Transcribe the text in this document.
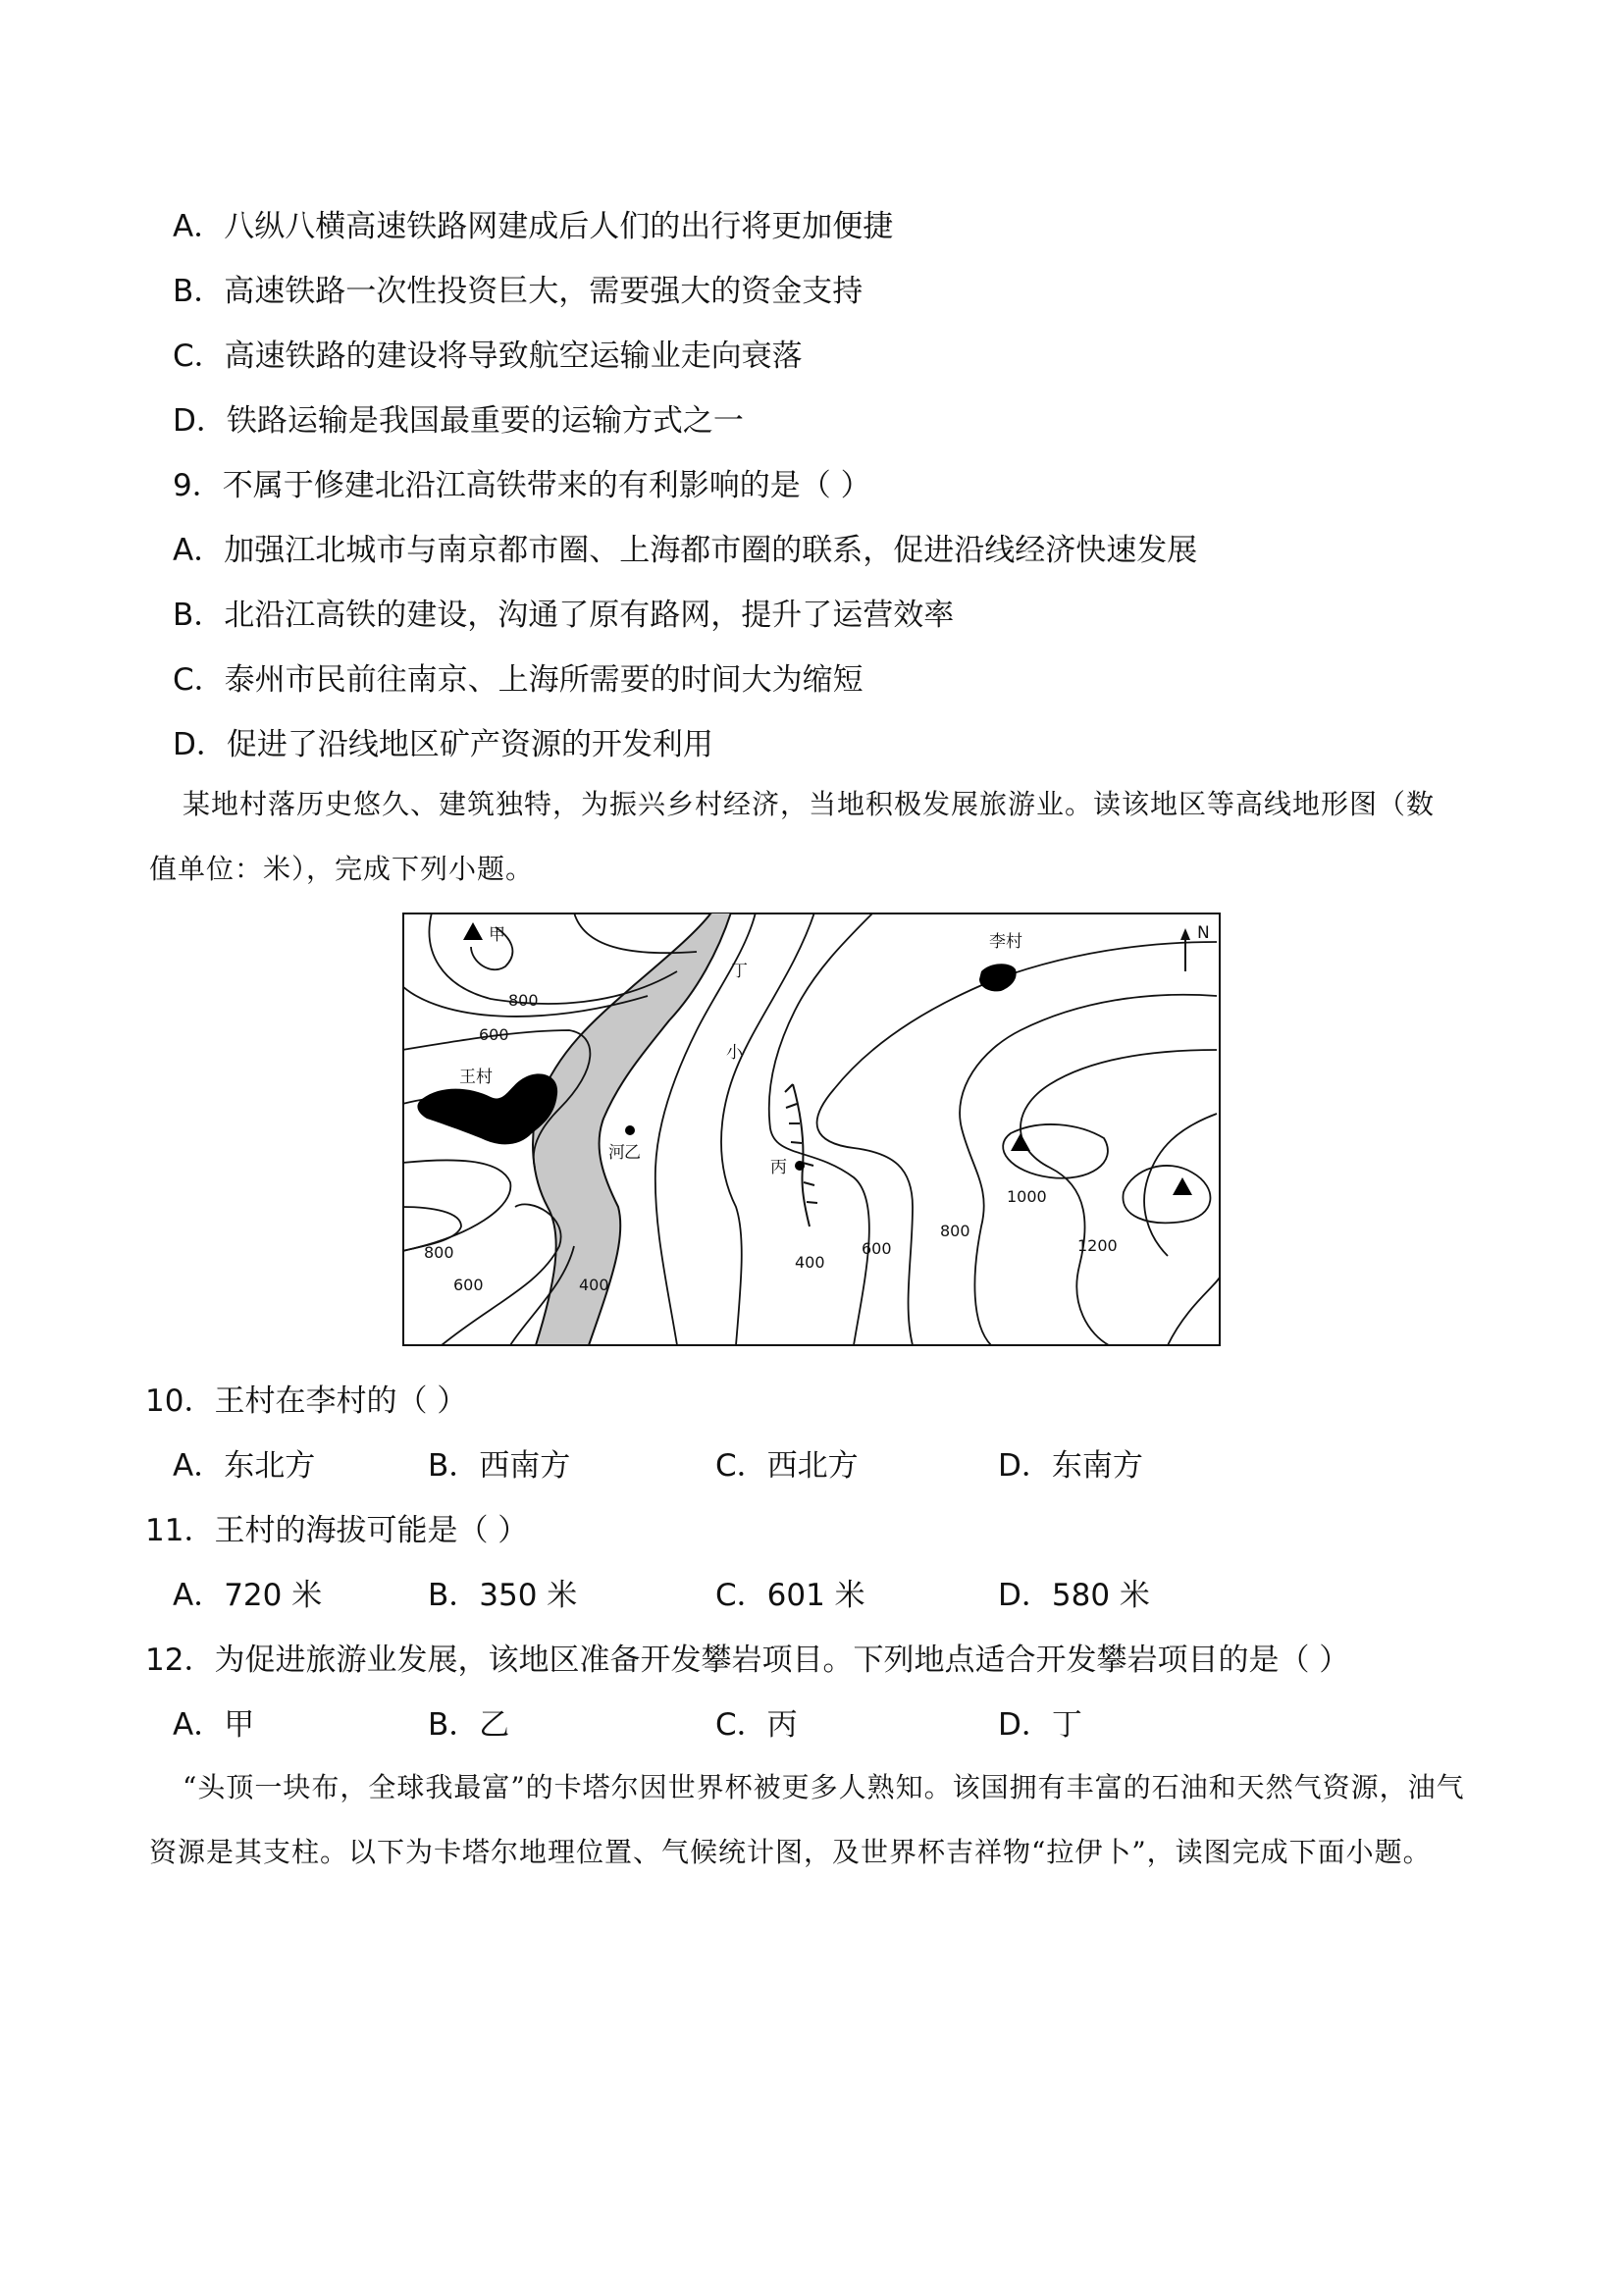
A．八纵八横高速铁路网建成后人们的出行将更加便捷
B．高速铁路一次性投资巨大，需要强大的资金支持
C．高速铁路的建设将导致航空运输业走向衰落
D．铁路运输是我国最重要的运输方式之一
9．不属于修建北沿江高铁带来的有利影响的是（ ）
A．加强江北城市与南京都市圈、上海都市圈的联系，促进沿线经济快速发展
B．北沿江高铁的建设，沟通了原有路网，提升了运营效率
C．泰州市民前往南京、上海所需要的时间大为缩短
D．促进了沿线地区矿产资源的开发利用
某地村落历史悠久、建筑独特，为振兴乡村经济，当地积极发展旅游业。读该地区等高线地形图（数
值单位：米），完成下列小题。
甲
乙
丙
丁
王村
李村
小
河
N
800
600
800
600	400
400
600
800
1000
1200
10．王村在李村的（ ）
A．东北方	B．西南方	C．西北方	D．东南方
11．王村的海拔可能是（ ）
A．720 米	B．350 米	C．601 米	D．580 米
12．为促进旅游业发展，该地区准备开发攀岩项目。下列地点适合开发攀岩项目的是（ ）
A．甲	B．乙	C．丙	D．丁
“头顶一块布，全球我最富”的卡塔尔因世界杯被更多人熟知。该国拥有丰富的石油和天然气资源，油气
资源是其支柱。以下为卡塔尔地理位置、气候统计图，及世界杯吉祥物“拉伊卜”，读图完成下面小题。
